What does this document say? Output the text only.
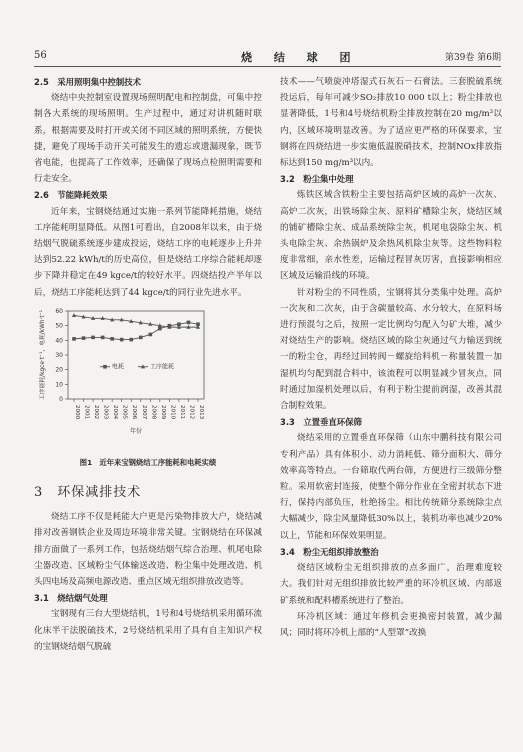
56	烧 结 球 团	第39卷 第6期

2.5　采用照明集中控制技术

烧结中央控制室设置现场照明配电和控制盘，可集中控制各大系统的现场照明。生产过程中，通过对讲机随时联系，根据需要及时打开或关闭不同区域的照明系统，方便快捷，避免了现场手动开关可能发生的遗忘或遗漏现象，既节省电能，也提高了工作效率，还确保了现场点检照明需要和行走安全。

2.6　节能降耗效果

近年来，宝钢烧结通过实施一系列节能降耗措施，烧结工序能耗明显降低。从图1可看出，自2008年以来，由于烧结烟气脱硫系统逐步建成投运，烧结工序的电耗逐步上升并达到52.22 kWh/t的历史高位，但是烧结工序综合能耗却逐步下降并稳定在49 kgce/t的较好水平。四烧结投产半年以后，烧结工序能耗达到了44 kgce/t的同行业先进水平。

0
10
20
30
40
50
60
2000 2001 2002 2003 2004 2005 2006 2007 2008 2009 2010 2011 2012 2013
工序能耗/kgce·t⁻¹，电耗/kWh·t⁻¹
年份
电耗	工序能耗

图1　近年来宝钢烧结工序能耗和电耗实绩

3　环保减排技术

烧结工序不仅是耗能大户更是污染物排放大户，烧结减排对改善钢铁企业及周边环境非常关键。宝钢烧结在环保减排方面做了一系列工作，包括烧结烟气综合治理、机尾电除尘器改造、区域粉尘气体输送改造、粉尘集中处理改造、机头四电场及高频电源改造、重点区域无组织排放改造等。

3.1　烧结烟气处理

宝钢现有三台大型烧结机，1号和4号烧结机采用循环流化床半干法脱硫技术，2号烧结机采用了具有自主知识产权的宝钢烧结烟气脱硫

技术——气喷旋冲塔湿式石灰石－石膏法。三套脱硫系统投运后，每年可减少SO₂排放10 000 t以上；粉尘排放也显著降低，1号和4号烧结机粉尘排放控制在20 mg/m³以内，区域环境明显改善。为了适应更严格的环保要求，宝钢将在四烧结进一步实施低温脱硝技术，控制NOx排放指标达到150 mg/m³以内。

3.2　粉尘集中处理

炼铁区域含铁粉尘主要包括高炉区域的高炉一次灰、高炉二次灰，出铁场除尘灰、原料矿槽除尘灰，烧结区域的铺矿槽除尘灰、成品系统除尘灰，机尾电袋除尘灰、机头电除尘灰、余热锅炉及余热风机除尘灰等。这些物料粒度非常细，亲水性差，运输过程冒灰厉害，直接影响相应区域及运输沿线的环境。

针对粉尘的不同性质，宝钢将其分类集中处理。高炉一次灰和二次灰，由于含碳量较高、水分较大，在原料场进行预混匀之后，按照一定比例均匀配入匀矿大堆，减少对烧结生产的影响。烧结区域的除尘灰通过气力输送到统一的粉尘仓，再经过回转阀－螺旋给料机－称量装置－加湿机均匀配到混合料中，该流程可以明显减少冒灰点，同时通过加湿机处理以后，有利于粉尘提前润湿，改善其混合制粒效果。

3.3　立置垂直环保筛

烧结采用的立置垂直环保筛（山东中鹏科技有限公司专利产品）具有体积小、动力消耗低、筛分面积大、筛分效率高等特点。一台筛取代两台筛，方便进行三级筛分整粒。采用软密封连接，使整个筛分作业在全密封状态下进行，保持内部负压，杜绝扬尘。相比传统筛分系统除尘点大幅减少，除尘风量降低30%以上，装机功率也减少20%以上，节能和环保效果明显。

3.4　粉尘无组织排放整治

烧结区域粉尘无组织排放的点多面广，治理难度较大。我们针对无组织排放比较严重的环冷机区域、内部返矿系统和配料槽系统进行了整治。

环冷机区域：通过年修机会更换密封装置，减少漏风；同时将环冷机上部的“人型罩”改换
